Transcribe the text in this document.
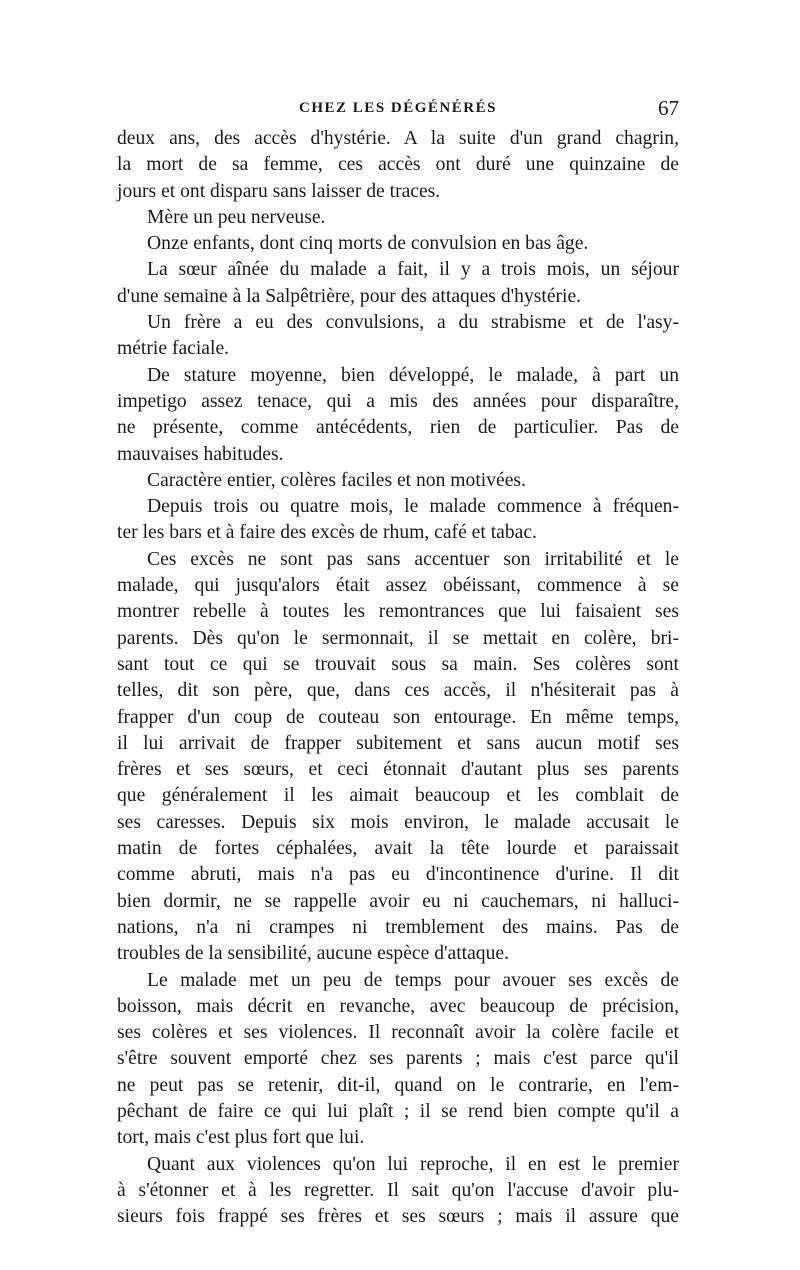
CHEZ LES DÉGÉNÉRÉS	67
deux ans, des accès d'hystérie. A la suite d'un grand chagrin,
la mort de sa femme, ces accès ont duré une quinzaine de
jours et ont disparu sans laisser de traces.
Mère un peu nerveuse.
Onze enfants, dont cinq morts de convulsion en bas âge.
La sœur aînée du malade a fait, il y a trois mois, un séjour
d'une semaine à la Salpêtrière, pour des attaques d'hystérie.
Un frère a eu des convulsions, a du strabisme et de l'asy-
métrie faciale.
De stature moyenne, bien développé, le malade, à part un
impetigo assez tenace, qui a mis des années pour disparaître,
ne présente, comme antécédents, rien de particulier. Pas de
mauvaises habitudes.
Caractère entier, colères faciles et non motivées.
Depuis trois ou quatre mois, le malade commence à fréquen-
ter les bars et à faire des excès de rhum, café et tabac.
Ces excès ne sont pas sans accentuer son irritabilité et le
malade, qui jusqu'alors était assez obéissant, commence à se
montrer rebelle à toutes les remontrances que lui faisaient ses
parents. Dès qu'on le sermonnait, il se mettait en colère, bri-
sant tout ce qui se trouvait sous sa main. Ses colères sont
telles, dit son père, que, dans ces accès, il n'hésiterait pas à
frapper d'un coup de couteau son entourage. En même temps,
il lui arrivait de frapper subitement et sans aucun motif ses
frères et ses sœurs, et ceci étonnait d'autant plus ses parents
que généralement il les aimait beaucoup et les comblait de
ses caresses. Depuis six mois environ, le malade accusait le
matin de fortes céphalées, avait la tête lourde et paraissait
comme abruti, mais n'a pas eu d'incontinence d'urine. Il dit
bien dormir, ne se rappelle avoir eu ni cauchemars, ni halluci-
nations, n'a ni crampes ni tremblement des mains. Pas de
troubles de la sensibilité, aucune espèce d'attaque.
Le malade met un peu de temps pour avouer ses excès de
boisson, mais décrit en revanche, avec beaucoup de précision,
ses colères et ses violences. Il reconnaît avoir la colère facile et
s'être souvent emporté chez ses parents ; mais c'est parce qu'il
ne peut pas se retenir, dit-il, quand on le contrarie, en l'em-
pêchant de faire ce qui lui plaît ; il se rend bien compte qu'il a
tort, mais c'est plus fort que lui.
Quant aux violences qu'on lui reproche, il en est le premier
à s'étonner et à les regretter. Il sait qu'on l'accuse d'avoir plu-
sieurs fois frappé ses frères et ses sœurs ; mais il assure que
